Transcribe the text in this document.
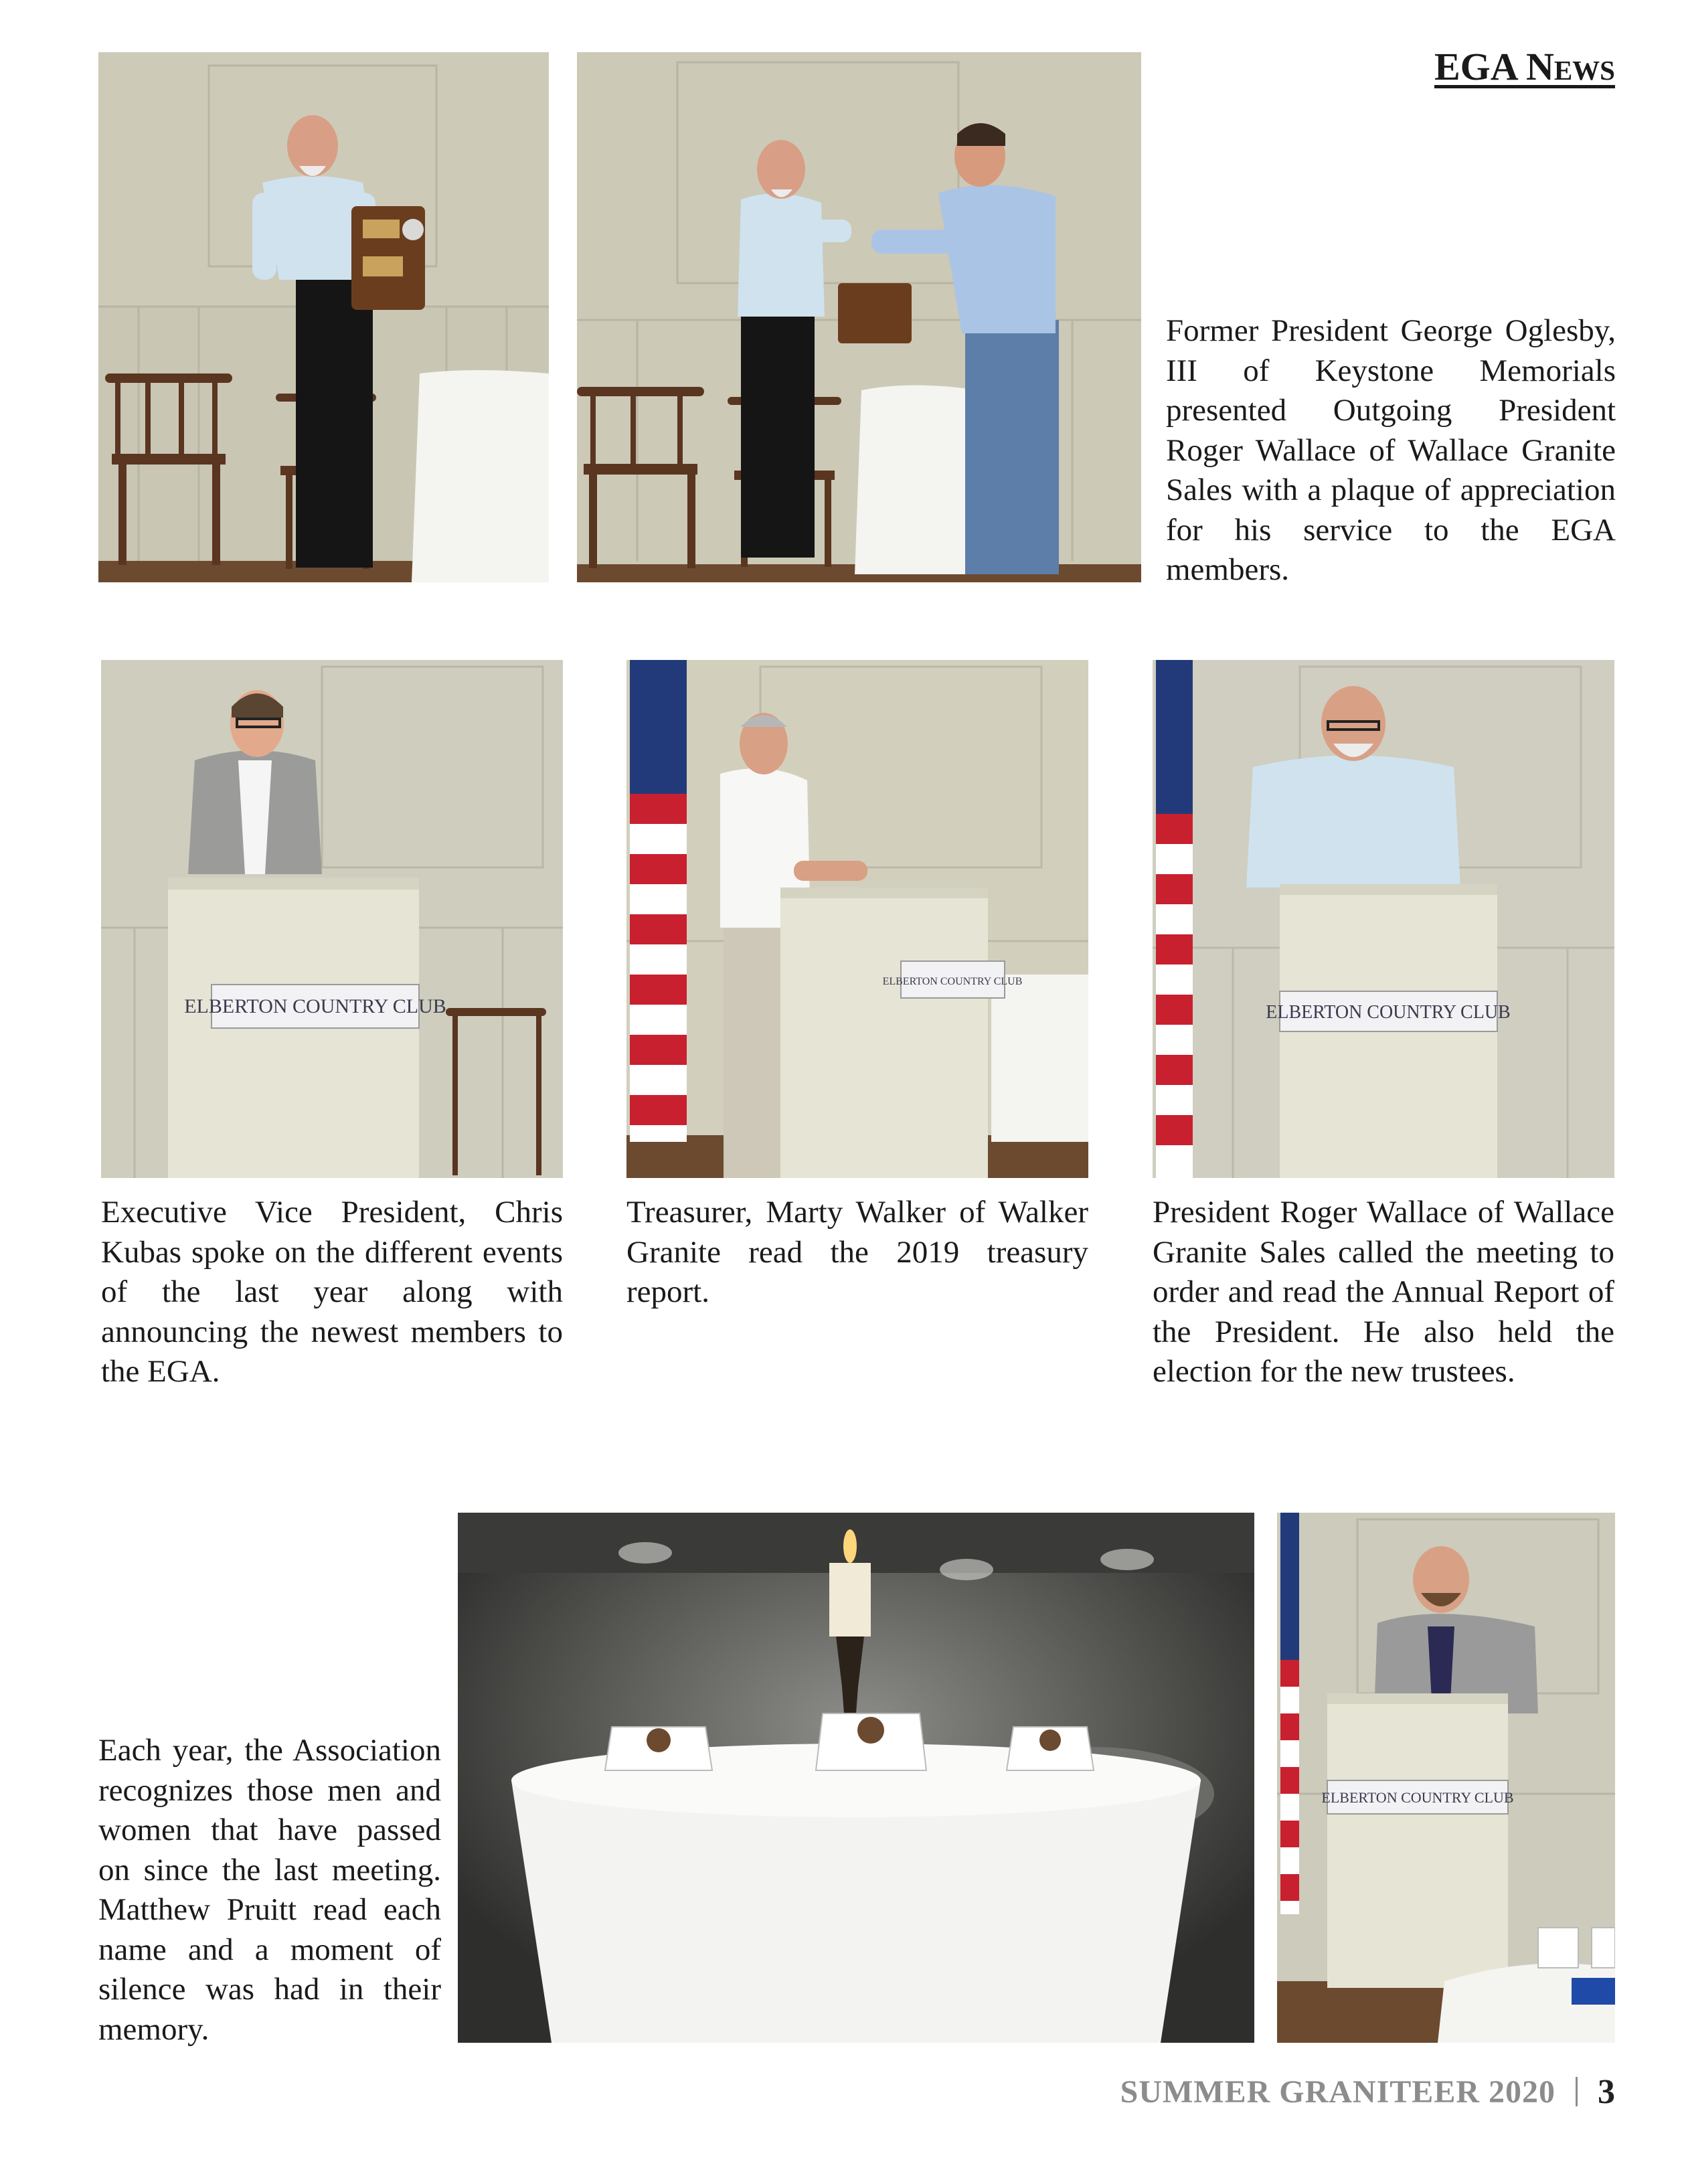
EGA News

Former President George Oglesby, III of Keystone Memorials presented Outgoing President Roger Wallace of Wallace Granite Sales with a plaque of appreciation for his service to the EGA members.

ELBERTON COUNTRY CLUB
ELBERTON COUNTRY CLUB
ELBERTON COUNTRY CLUB

Executive Vice President, Chris Kubas spoke on the different events of the last year along with announcing the newest members to the EGA.

Treasurer, Marty Walker of Walker Granite read the 2019 treasury report.

President Roger Wallace of Wallace Granite Sales called the meeting to order and read the Annual Report of the President. He also held the election for the new trustees.

ELBERTON COUNTRY CLUB

Each year, the Association recognizes those men and women that have passed on since the last meeting. Matthew Pruitt read each name and a moment of silence was had in their memory.

SUMMER GRANITEER 2020 3
